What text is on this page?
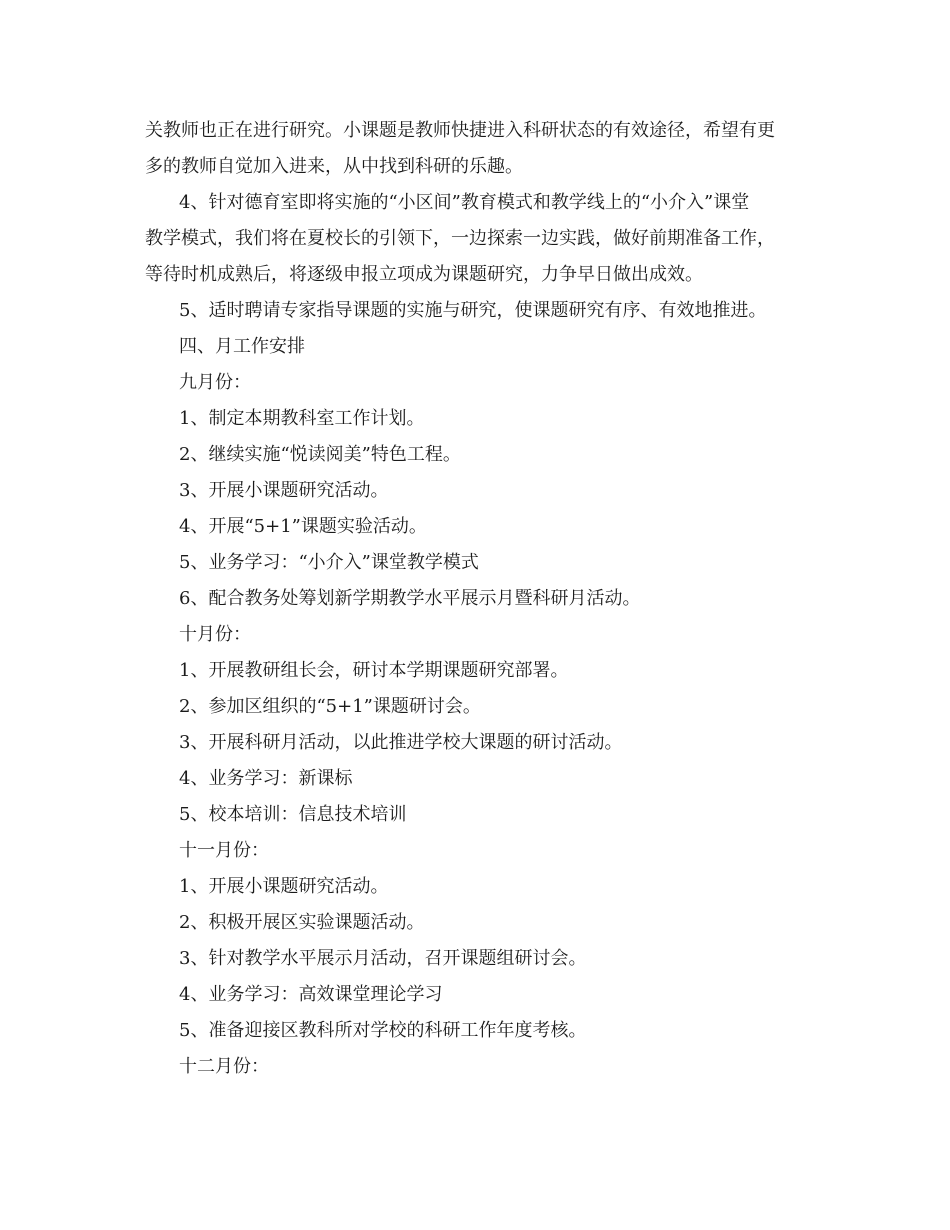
关教师也正在进行研究。小课题是教师快捷进入科研状态的有效途径，希望有更

多的教师自觉加入进来，从中找到科研的乐趣。

4、针对德育室即将实施的“小区间”教育模式和教学线上的“小介入”课堂

教学模式，我们将在夏校长的引领下，一边探索一边实践，做好前期准备工作，

等待时机成熟后，将逐级申报立项成为课题研究，力争早日做出成效。

5、适时聘请专家指导课题的实施与研究，使课题研究有序、有效地推进。

四、月工作安排

九月份：

1、制定本期教科室工作计划。

2、继续实施“悦读阅美”特色工程。

3、开展小课题研究活动。

4、开展“5+1”课题实验活动。

5、业务学习：“小介入”课堂教学模式

6、配合教务处筹划新学期教学水平展示月暨科研月活动。

十月份：

1、开展教研组长会，研讨本学期课题研究部署。

2、参加区组织的“5+1”课题研讨会。

3、开展科研月活动，以此推进学校大课题的研讨活动。

4、业务学习：新课标

5、校本培训：信息技术培训

十一月份：

1、开展小课题研究活动。

2、积极开展区实验课题活动。

3、针对教学水平展示月活动，召开课题组研讨会。

4、业务学习：高效课堂理论学习

5、准备迎接区教科所对学校的科研工作年度考核。

十二月份：
